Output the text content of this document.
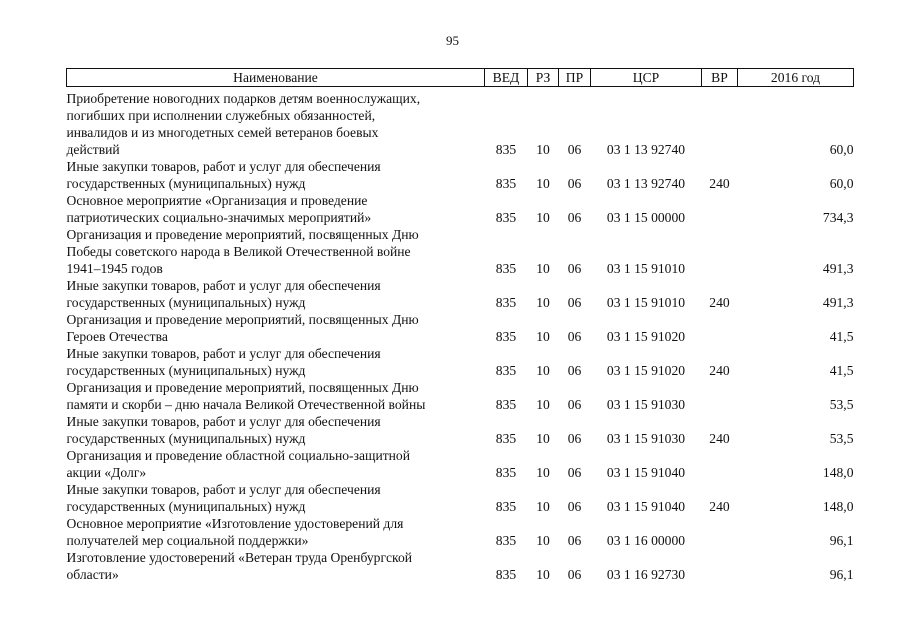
95
Наименование	ВЕД	РЗ	ПР	ЦСР	ВР	2016 год
Приобретение новогодних подарков детям военнослужащих,
погибших при исполнении служебных обязанностей,
инвалидов и из многодетных семей ветеранов боевых
действий	835	10	06	03 1 13 92740		60,0
Иные закупки товаров, работ и услуг для обеспечения
государственных (муниципальных) нужд	835	10	06	03 1 13 92740	240	60,0
Основное мероприятие «Организация и проведение
патриотических социально-значимых мероприятий»	835	10	06	03 1 15 00000		734,3
Организация и проведение мероприятий, посвященных Дню
Победы советского народа в Великой Отечественной войне
1941–1945 годов	835	10	06	03 1 15 91010		491,3
Иные закупки товаров, работ и услуг для обеспечения
государственных (муниципальных) нужд	835	10	06	03 1 15 91010	240	491,3
Организация и проведение мероприятий, посвященных Дню
Героев Отечества	835	10	06	03 1 15 91020		41,5
Иные закупки товаров, работ и услуг для обеспечения
государственных (муниципальных) нужд	835	10	06	03 1 15 91020	240	41,5
Организация и проведение мероприятий, посвященных Дню
памяти и скорби – дню начала Великой Отечественной войны	835	10	06	03 1 15 91030		53,5
Иные закупки товаров, работ и услуг для обеспечения
государственных (муниципальных) нужд	835	10	06	03 1 15 91030	240	53,5
Организация и проведение областной социально-защитной
акции «Долг»	835	10	06	03 1 15 91040		148,0
Иные закупки товаров, работ и услуг для обеспечения
государственных (муниципальных) нужд	835	10	06	03 1 15 91040	240	148,0
Основное мероприятие «Изготовление удостоверений для
получателей мер социальной поддержки»	835	10	06	03 1 16 00000		96,1
Изготовление удостоверений «Ветеран труда Оренбургской
области»	835	10	06	03 1 16 92730		96,1
